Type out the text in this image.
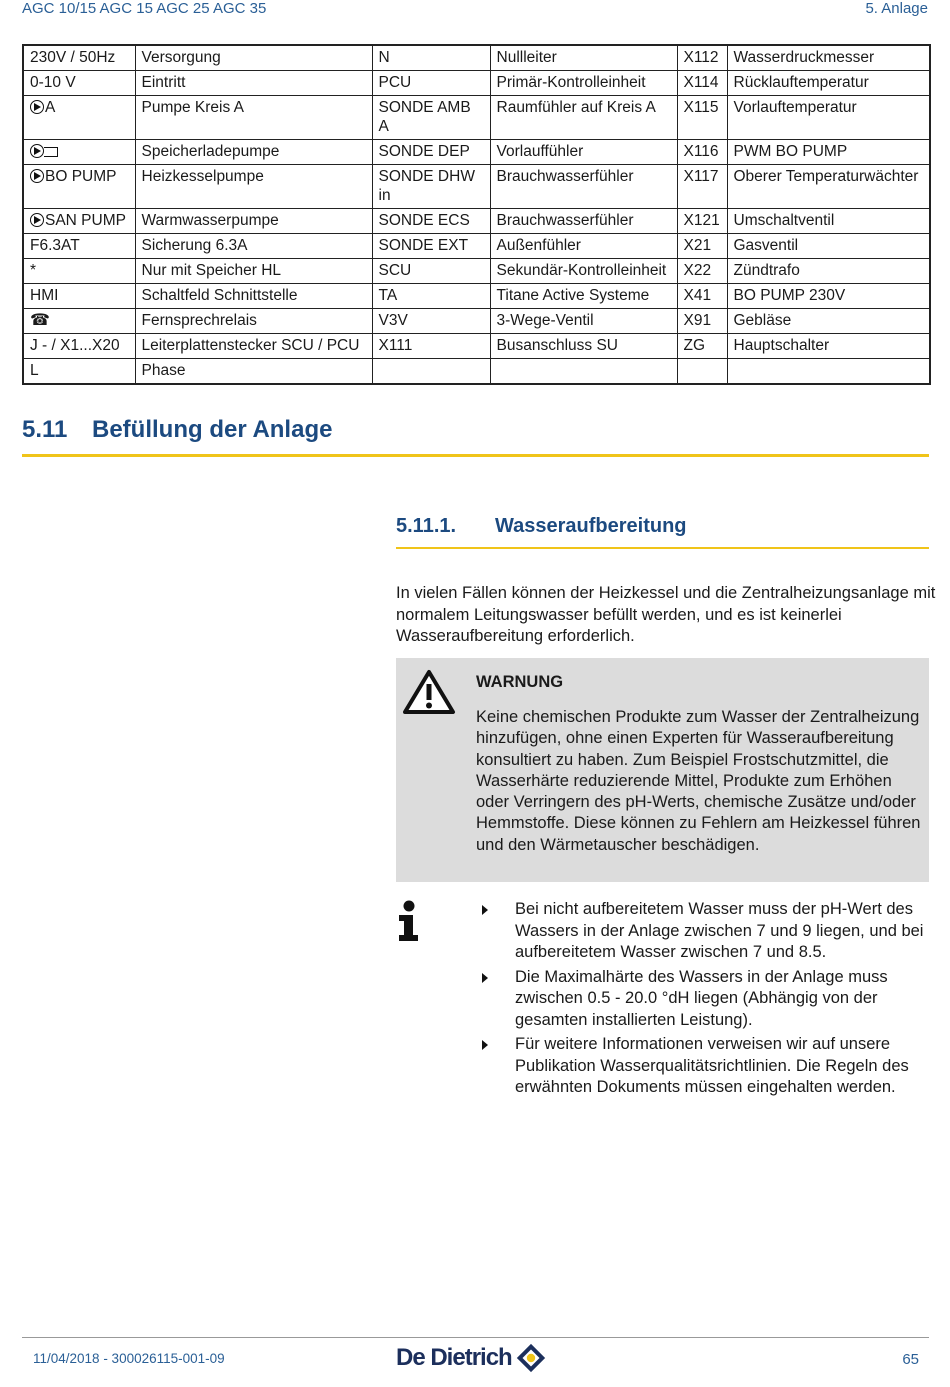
AGC 10/15 AGC 15 AGC 25 AGC 35	5. Anlage
230V / 50Hz	Versorgung	N	Nullleiter	X112	Wasserdruckmesser
0-10 V	Eintritt	PCU	Primär-Kontrolleinheit	X114	Rücklauftemperatur
A	Pumpe Kreis A	SONDE AMB A	Raumfühler auf Kreis A	X115	Vorlauftemperatur
	Speicherladepumpe	SONDE DEP	Vorlauffühler	X116	PWM BO PUMP
BO PUMP	Heizkesselpumpe	SONDE DHW in	Brauchwasserfühler	X117	Oberer Temperaturwächter
SAN PUMP	Warmwasserpumpe	SONDE ECS	Brauchwasserfühler	X121	Umschaltventil
F6.3AT	Sicherung 6.3A	SONDE EXT	Außenfühler	X21	Gasventil
*	Nur mit Speicher HL	SCU	Sekundär-Kontrolleinheit	X22	Zündtrafo
HMI	Schaltfeld Schnittstelle	TA	Titane Active Systeme	X41	BO PUMP 230V
☎	Fernsprechrelais	V3V	3-Wege-Ventil	X91	Gebläse
J - / X1...X20	Leiterplattenstecker SCU / PCU	X111	Busanschluss SU	ZG	Hauptschalter
L	Phase				
5.11 Befüllung der Anlage
5.11.1. Wasseraufbereitung

In vielen Fällen können der Heizkessel und die Zentralheizungsanlage mit normalem Leitungswasser befüllt werden, und es ist keinerlei Wasseraufbereitung erforderlich.

WARNUNG
Keine chemischen Produkte zum Wasser der Zentralheizung hinzufügen, ohne einen Experten für Wasseraufbereitung konsultiert zu haben. Zum Beispiel Frostschutzmittel, die Wasserhärte reduzierende Mittel, Produkte zum Erhöhen oder Verringern des pH-Werts, chemische Zusätze und/oder Hemmstoffe. Diese können zu Fehlern am Heizkessel führen und den Wärmetauscher beschädigen.
Bei nicht aufbereitetem Wasser muss der pH-Wert des Wassers in der Anlage zwischen 7 und 9 liegen, und bei aufbereitetem Wasser zwischen 7 und 8.5.
Die Maximalhärte des Wassers in der Anlage muss zwischen 0.5 - 20.0 °dH liegen (Abhängig von der gesamten installierten Leistung).
Für weitere Informationen verweisen wir auf unsere Publikation Wasserqualitätsrichtlinien. Die Regeln des erwähnten Dokuments müssen eingehalten werden.
11/04/2018 - 300026115-001-09	De Dietrich	65
